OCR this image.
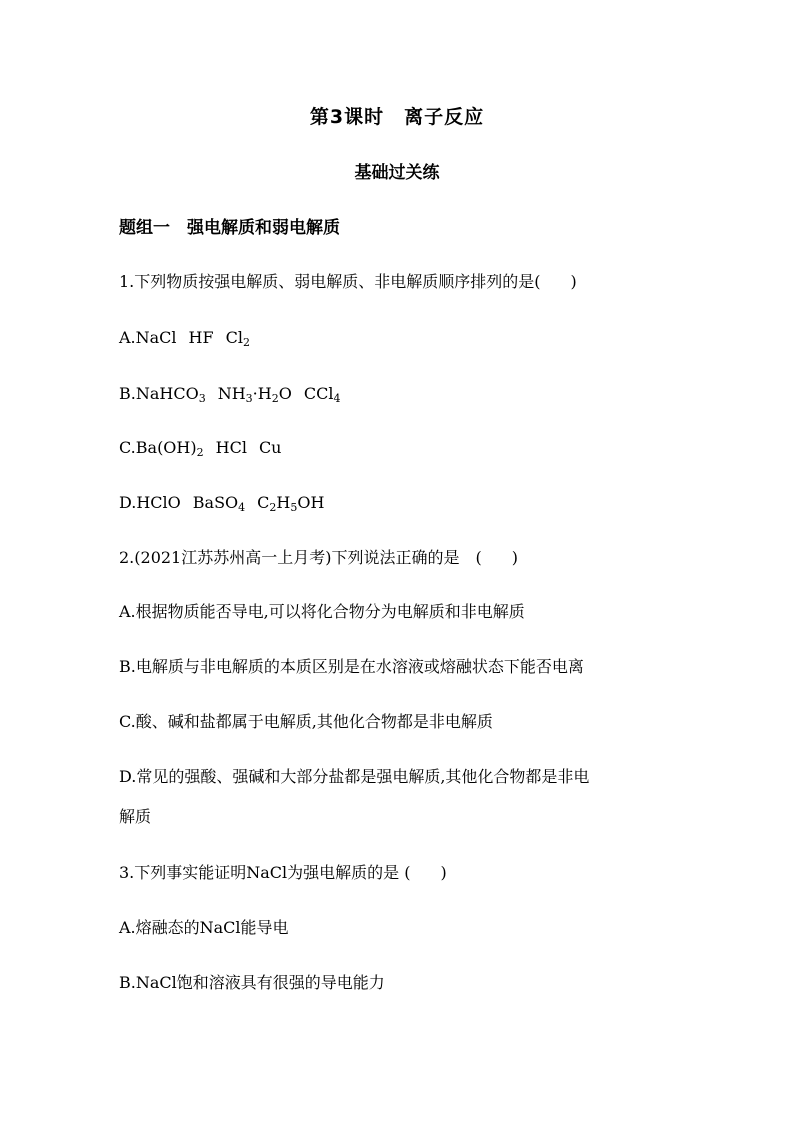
第3课时　离子反应
基础过关练
题组一　强电解质和弱电解质
1.下列物质按强电解质、弱电解质、非电解质顺序排列的是( )
A.NaCl HF $Cl_2$
B.NaHCO$_3$ $NH_3\cdot H_2O$ CCl$_4$
$C.Ba(OH)_2$ HCl Cu
D.HClO BaSO$_4$ $C_2H_5OH$
2.(2021江苏苏州高一上月考)下列说法正确的是　( )
A.根据物质能否导电,可以将化合物分为电解质和非电解质
B.电解质与非电解质的本质区别是在水溶液或熔融状态下能否电离
C.酸、碱和盐都属于电解质,其他化合物都是非电解质
D.常见的强酸、强碱和大部分盐都是强电解质,其他化合物都是非电
解质
3.下列事实能证明NaCl为强电解质的是 ( )
A.熔融态的NaCl能导电
B.NaCl饱和溶液具有很强的导电能力
